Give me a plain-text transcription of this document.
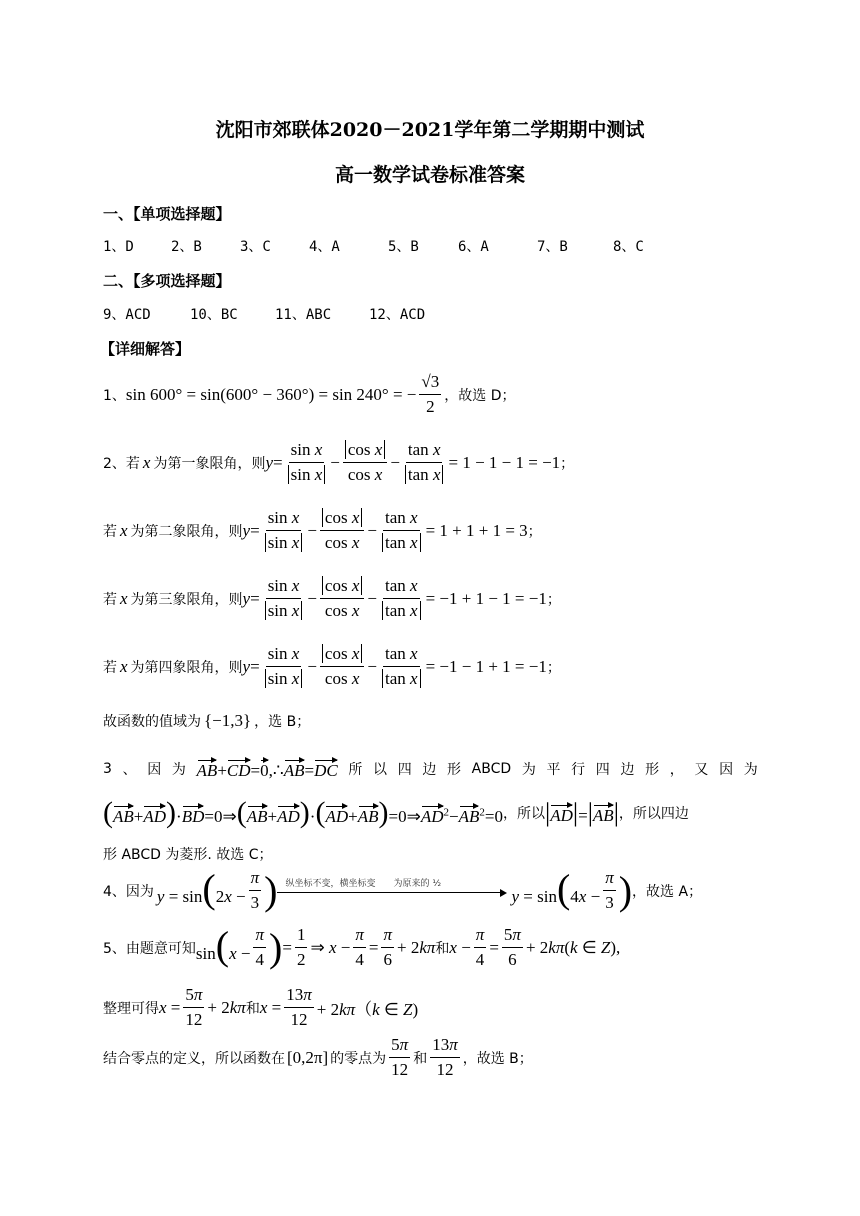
沈阳市郊联体2020－2021学年第二学期期中测试
高一数学试卷标准答案
一、【单项选择题】
1、D	2、B	3、C	4、A	5、B	6、A	7、B	8、C
二、【多项选择题】
9、ACD	10、BC	11、ABC	12、ACD
【详细解答】
1、 sin 600° = sin(600° − 360°) = sin 240° = − $\frac{√3}{2}$ ，故选 D；
2、 若 x 为第一象限角，则 $y = \frac{\text{sin x}}{\text{sin x}} - \frac{\text{cos x}}{\text{cos x}} - \frac{\text{tan x}}{\text{tan x}} = 1 - 1 - 1 = -1$ ；
若 x 为第二象限角，则 $y = \frac{\text{sin x}}{\text{sin x}} - \frac{\text{cos x}}{\text{cos x}} - \frac{\text{tan x}}{\text{tan x}} = 1 + 1 + 1 = 3$ ；
若 x 为第三象限角，则 $y = \frac{\text{sin x}}{\text{sin x}} - \frac{\text{cos x}}{\text{cos x}} - \frac{\text{tan x}}{\text{tan x}} = -1 + 1 - 1 = -1$ ；
若 x 为第四象限角，则 $y = \frac{\text{sin x}}{\text{sin x}} - \frac{\text{cos x}}{\text{cos x}} - \frac{\text{tan x}}{\text{tan x}} = -1 - 1 + 1 = -1$ ；
故函数的值域为 {−1,3} ，选 B；
3 、 因 为 AB+CD=0,∴AB=DC 所 以 四 边 形 ABCD 为 平 行 四 边 形 ， 又 因 为
$(AB+AD)\cdot BD=0\Rightarrow(AB+AD)\cdot(AD+AB)=0\Rightarrow AD^2-AB^2=0$ ，所以 |AD|=|AB| ，所以四边
形 ABCD 为菱形. 故选 C；
4、因为 $y = \sin(2x - \frac{\pi}{3}$ ) 纵坐标不变，横坐标变　　为原来的 ½
$y = \sin(4x - \frac{\pi}{3}$ ) ，故选 A；
5、由题意可知 $\sin(x - \frac{\pi}{4}$ ) = $\frac{1}{2}$ ⇒ $x - \frac{\pi}{4} = \frac{\pi}{6} + 2k\pi$ 和 $x - \frac{\pi}{4} = \frac{5\pi}{6} + 2k\pi(k$ ∈ Z),
整理可得 $x = \frac{5\pi}{12} + 2k\pi$ 和 $x = \frac{13\pi}{12} + 2k\pi(k$ ∈ Z)
结合零点的定义，所以函数在 [0,2π] 的零点为 $\frac{5\pi}{12}$ 和 $\frac{13\pi}{12}$ ，故选 B；
